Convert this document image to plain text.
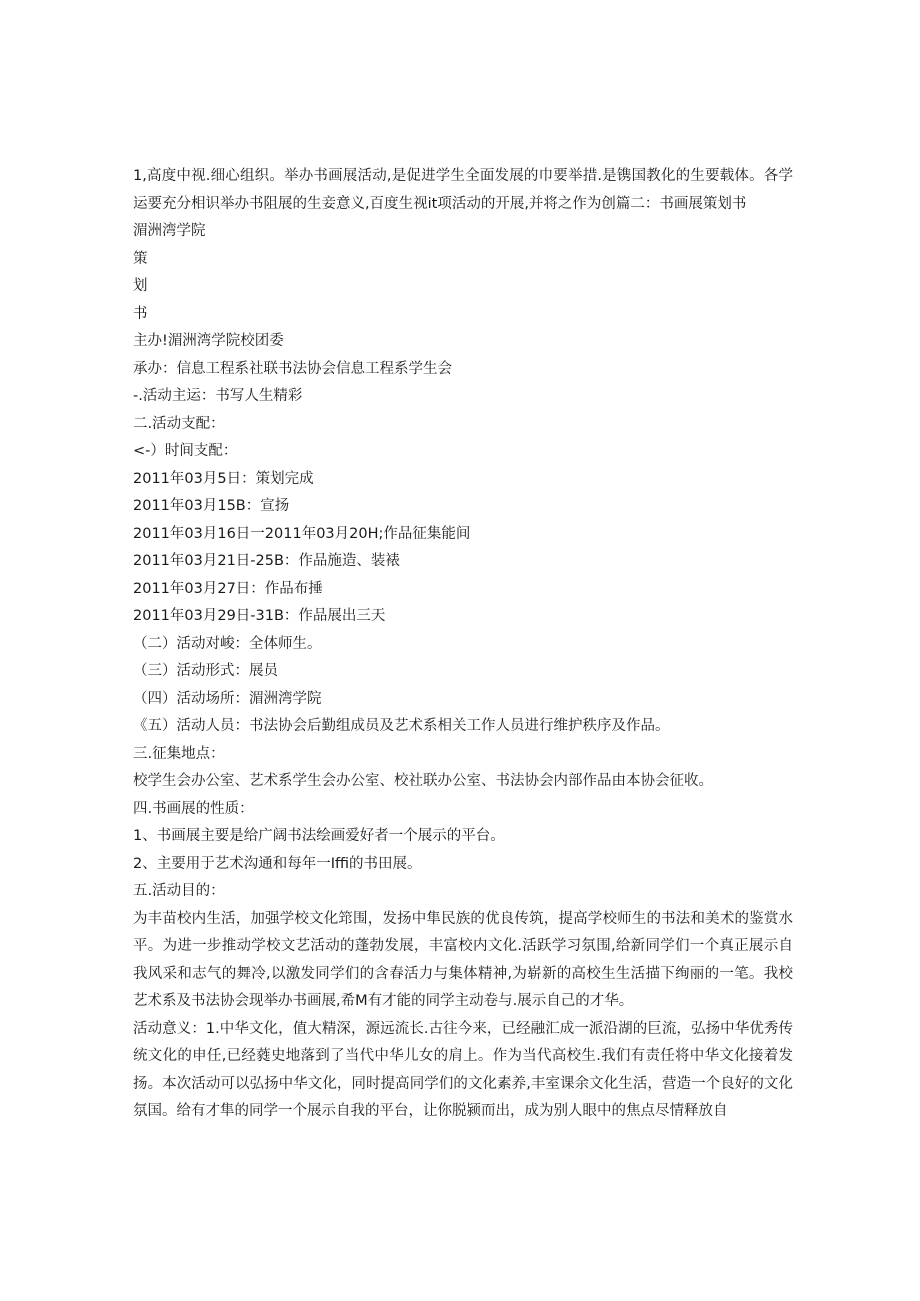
1,高度中视.细心组织。举办书画展活动,是促进学生全面发展的巾要举措.是镌国教化的生要载体。各学运要充分相识举办书阻展的生妾意义,百度生视it项活动的开展,并将之作为创篇二：书画展策划书

湄洲湾学院

策

划

书

主办!湄洲湾学院校团委

承办：信息工程系社联书法协会信息工程系学生会

-.活动主运：书写人生精彩

二.活动支配：

<-）时间支配：

2011年03月5日：策划完成

2011年03月15B：宣扬

2011年03月16日一2011年03月20H;作品征集能间

2011年03月21日-25B：作品施造、装裱

2011年03月27日：作品布捶

2011年03月29日-31B：作品展出三天

（二）活动对峻：全体师生。

（三）活动形式：展员

（四）活动场所：湄洲湾学院

《五）活动人员：书法协会后勤组成员及艺术系相关工作人员进行维护秩序及作品。

三.征集地点：

校学生会办公室、艺术系学生会办公室、校社联办公室、书法协会内部作品由本协会征收。

四.书画展的性质：

1、书画展主要是给广阔书法绘画爱好者一个展示的平台。

2、主要用于艺术沟通和每年一Iffi的书田展。

五.活动目的：

为丰苗校内生活，加强学校文化筇围，发扬中隼民族的优良传筑，提高学校师生的书法和美术的鉴赏水平。为进一步推动学校文艺活动的蓬勃发展，丰富校内文化.活跃学习氛围,给新同学们一个真正展示自我风采和志气的舞冷,以激发同学们的含春活力与集体精神,为崭新的高校生生活描下绚丽的一笔。我校艺术系及书法协会现举办书画展,希M有才能的同学主动卷与.展示自己的才华。

活动意义：1.中华文化，值大精深，源远流长.古往今来，已经融汇成一派沿湖的巨流，弘扬中华优秀传统文化的申任,已经蕤史地落到了当代中华儿女的肩上。作为当代高校生.我们有责任将中华文化接着发扬。本次活动可以弘扬中华文化，同时提高同学们的文化素养,丰室课余文化生活，营造一个良好的文化氛国。给有才隼的同学一个展示自我的平台，让你脱颍而出，成为别人眼中的焦点尽情释放自
